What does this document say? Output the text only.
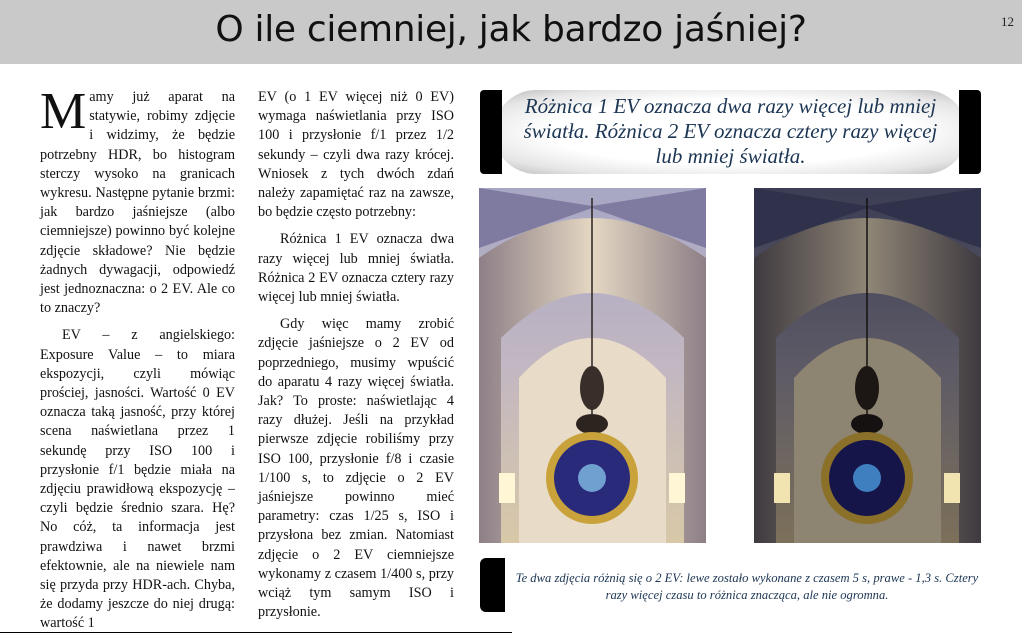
O ile ciemniej, jak bardzo jaśniej?	12

Mamy już aparat na statywie, robimy zdjęcie i widzimy, że będzie potrzebny HDR, bo histogram sterczy wysoko na granicach wykresu. Następne pytanie brzmi: jak bardzo jaśniejsze (albo ciemniejsze) powinno być kolejne zdjęcie składowe? Nie będzie żadnych dywagacji, odpowiedź jest jednoznaczna: o 2 EV. Ale co to znaczy?

EV – z angielskiego: Exposure Value – to miara ekspozycji, czyli mówiąc prościej, jasności. Wartość 0 EV oznacza taką jasność, przy której scena naświetlana przez 1 sekundę przy ISO 100 i przysłonie f/1 będzie miała na zdjęciu prawidłową ekspozycję – czyli będzie średnio szara. Hę? No cóż, ta informacja jest prawdziwa i nawet brzmi efektownie, ale na niewiele nam się przyda przy HDR-ach. Chyba, że dodamy jeszcze do niej drugą: wartość 1

EV (o 1 EV więcej niż 0 EV) wymaga naświetlania przy ISO 100 i przysłonie f/1 przez 1/2 sekundy – czyli dwa razy krócej. Wniosek z tych dwóch zdań należy zapamiętać raz na zawsze, bo będzie często potrzebny:

Różnica 1 EV oznacza dwa razy więcej lub mniej światła. Różnica 2 EV oznacza cztery razy więcej lub mniej światła.

Gdy więc mamy zrobić zdjęcie jaśniejsze o 2 EV od poprzedniego, musimy wpuścić do aparatu 4 razy więcej światła. Jak? To proste: naświetlając 4 razy dłużej. Jeśli na przykład pierwsze zdjęcie robiliśmy przy ISO 100, przysłonie f/8 i czasie 1/100 s, to zdjęcie o 2 EV jaśniejsze powinno mieć parametry: czas 1/25 s, ISO i przysłona bez zmian. Natomiast zdjęcie o 2 EV ciemniejsze wykonamy z czasem 1/400 s, przy wciąż tym samym ISO i przysłonie.

Różnica 1 EV oznacza dwa razy więcej lub mniej światła. Różnica 2 EV oznacza cztery razy więcej lub mniej światła.
Te dwa zdjęcia różnią się o 2 EV: lewe zostało wykonane z czasem 5 s, prawe - 1,3 s. Cztery razy więcej czasu to różnica znacząca, ale nie ogromna.
